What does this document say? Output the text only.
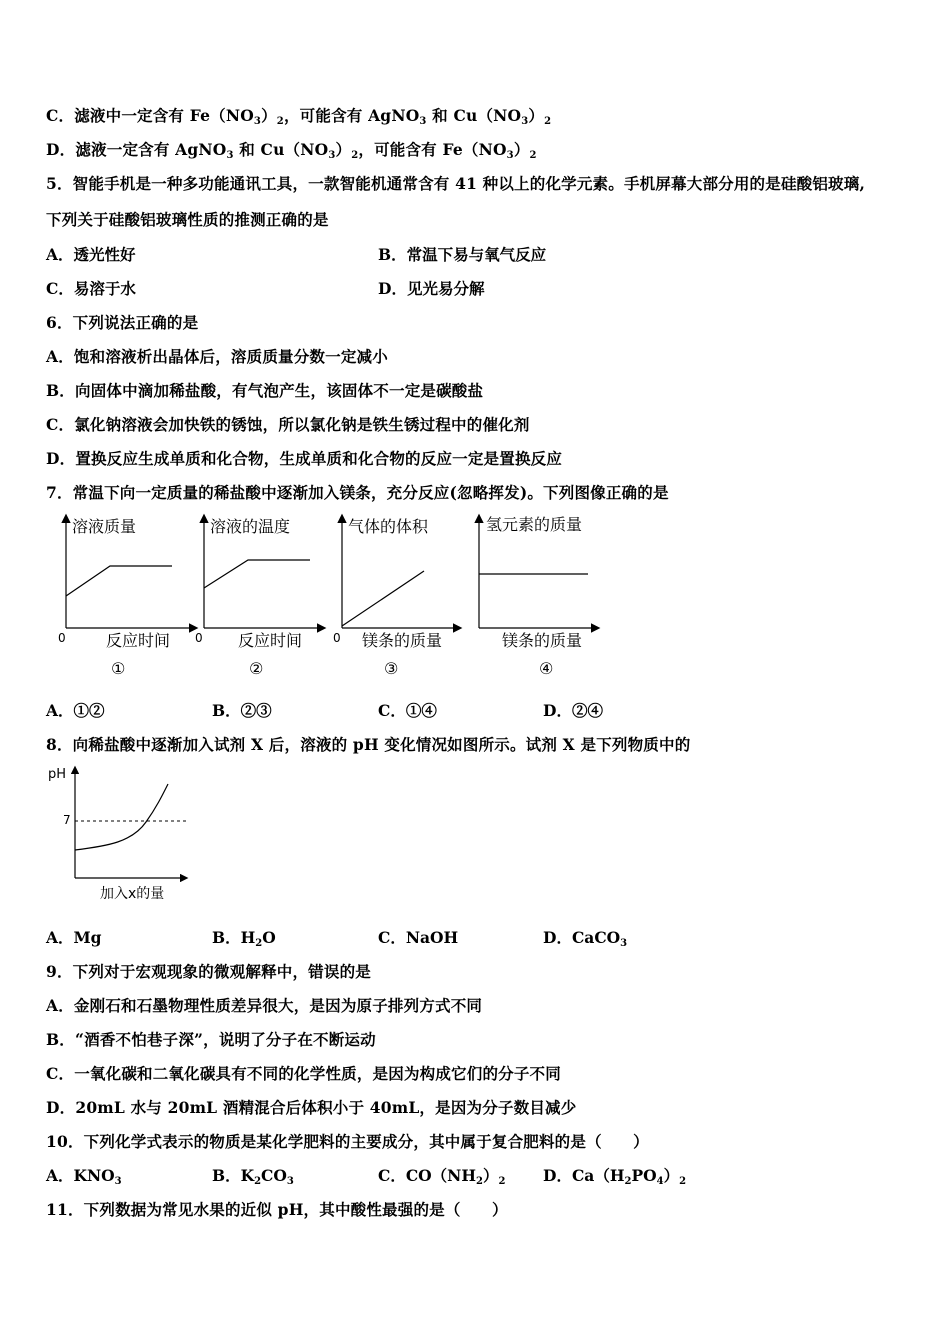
C．滤液中一定含有 $Fe(NO_3)_2$，可能含有 AgNO$_3$ 和 $Cu(NO_3)_2$
D．滤液一定含有 AgNO$_3$ 和 $Cu(NO_3)_2$，可能含有 $Fe(NO_3)_2$
5．智能手机是一种多功能通讯工具，一款智能机通常含有 41 种以上的化学元素。手机屏幕大部分用的是硅酸铝玻璃,
下列关于硅酸铝玻璃性质的推测正确的是
A．透光性好	B．常温下易与氧气反应
C．易溶于水	D．见光易分解
6．下列说法正确的是
A．饱和溶液析出晶体后，溶质质量分数一定减小
B．向固体中滴加稀盐酸，有气泡产生，该固体不一定是碳酸盐
C．氯化钠溶液会加快铁的锈蚀，所以氯化钠是铁生锈过程中的催化剂
D．置换反应生成单质和化合物，生成单质和化合物的反应一定是置换反应
7．常温下向一定质量的稀盐酸中逐渐加入镁条，充分反应(忽略挥发)。下列图像正确的是
溶液质量
反应时间
0
①
溶液的温度
反应时间
0
②
气体的体积
镁条的质量
0
③
氢元素的质量
镁条的质量
④
A．①②	B．②③	C．①④	D．②④
8．向稀盐酸中逐渐加入试剂 X 后，溶液的 pH 变化情况如图所示。试剂 X 是下列物质中的
pH
7
加入x的量
A．Mg	B．$H_2O$	C．NaOH	D．CaCO$_3$
9．下列对于宏观现象的微观解释中，错误的是
A．金刚石和石墨物理性质差异很大，是因为原子排列方式不同
B．“酒香不怕巷子深”，说明了分子在不断运动
C．一氧化碳和二氧化碳具有不同的化学性质，是因为构成它们的分子不同
D．20mL 水与 20mL 酒精混合后体积小于 40mL，是因为分子数目减少
10．下列化学式表示的物质是某化学肥料的主要成分，其中属于复合肥料的是（　　）
A．$KNO_3$	B．$K_2CO_3$	C．$CO(NH_2)_2$ D．$Ca(H_2PO_4)_2$
11．下列数据为常见水果的近似 pH，其中酸性最强的是（　　）
